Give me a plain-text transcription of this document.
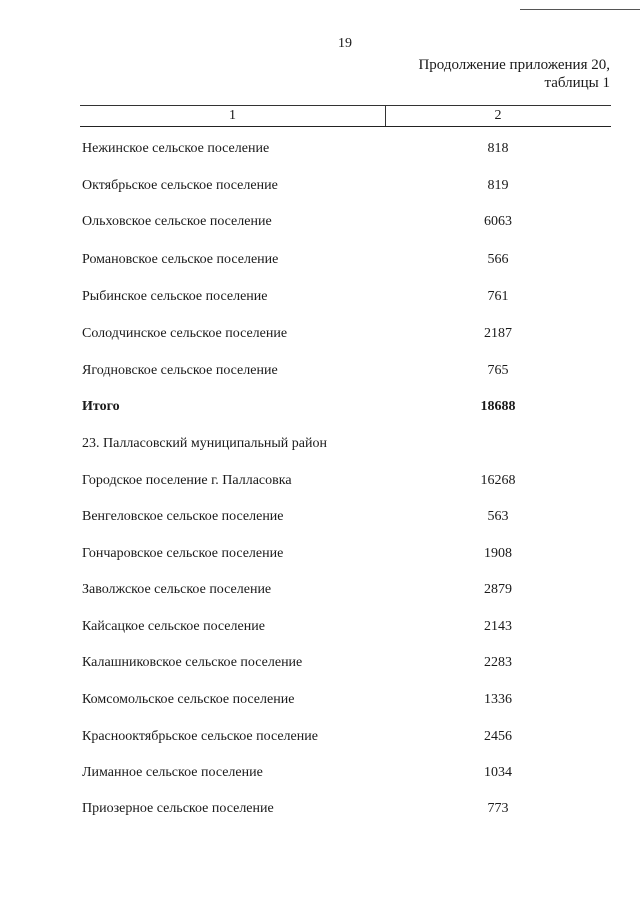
19
Продолжение приложения 20,
таблицы 1
1	2
Нежинское сельское поселение	818
Октябрьское сельское поселение	819
Ольховское сельское поселение	6063
Романовское сельское поселение	566
Рыбинское сельское поселение	761
Солодчинское сельское поселение	2187
Ягодновское сельское поселение	765
Итого	18688
23. Палласовский муниципальный район
Городское поселение г. Палласовка	16268
Венгеловское сельское поселение	563
Гончаровское сельское поселение	1908
Заволжское сельское поселение	2879
Кайсацкое сельское поселение	2143
Калашниковское сельское поселение	2283
Комсомольское сельское поселение	1336
Краснооктябрьское сельское поселение	2456
Лиманное сельское поселение	1034
Приозерное сельское поселение	773
